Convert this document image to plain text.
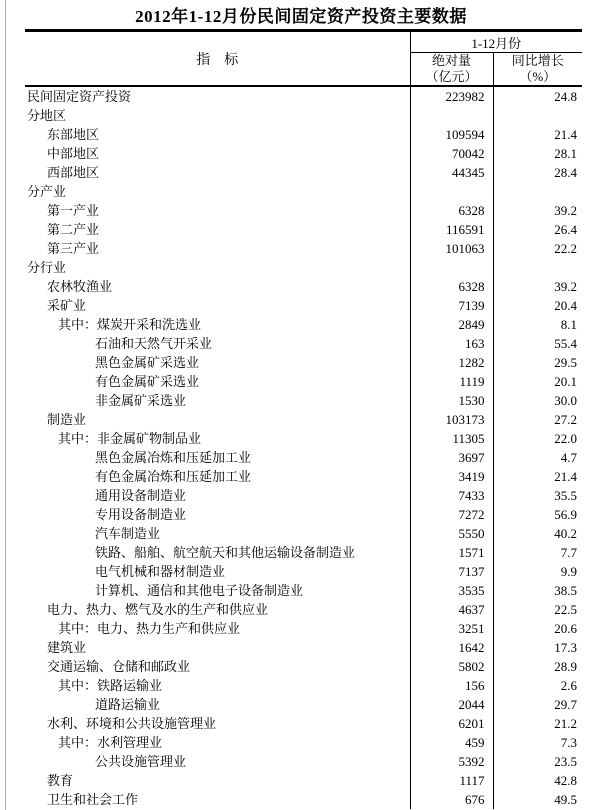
2012年1-12月份民间固定资产投资主要数据
指　标	1-12月份	

绝对量
（亿元）

同比增长
（%）

民间固定资产投资	223982	24.8
分地区		
东部地区	109594	21.4
中部地区	70042	28.1
西部地区	44345	28.4
分产业		
第一产业	6328	39.2
第二产业	116591	26.4
第三产业	101063	22.2
分行业		
农林牧渔业	6328	39.2
采矿业	7139	20.4
其中：煤炭开采和洗选业	2849	8.1
石油和天然气开采业	163	55.4
黑色金属矿采选业	1282	29.5
有色金属矿采选业	1119	20.1
非金属矿采选业	1530	30.0
制造业	103173	27.2
其中：非金属矿物制品业	11305	22.0
黑色金属冶炼和压延加工业	3697	4.7
有色金属冶炼和压延加工业	3419	21.4
通用设备制造业	7433	35.5
专用设备制造业	7272	56.9
汽车制造业	5550	40.2
铁路、船舶、航空航天和其他运输设备制造业	1571	7.7
电气机械和器材制造业	7137	9.9
计算机、通信和其他电子设备制造业	3535	38.5
电力、热力、燃气及水的生产和供应业	4637	22.5
其中：电力、热力生产和供应业	3251	20.6
建筑业	1642	17.3
交通运输、仓储和邮政业	5802	28.9
其中：铁路运输业	156	2.6
道路运输业	2044	29.7
水利、环境和公共设施管理业	6201	21.2
其中：水利管理业	459	7.3
公共设施管理业	5392	23.5
教育	1117	42.8
卫生和社会工作	676	49.5
